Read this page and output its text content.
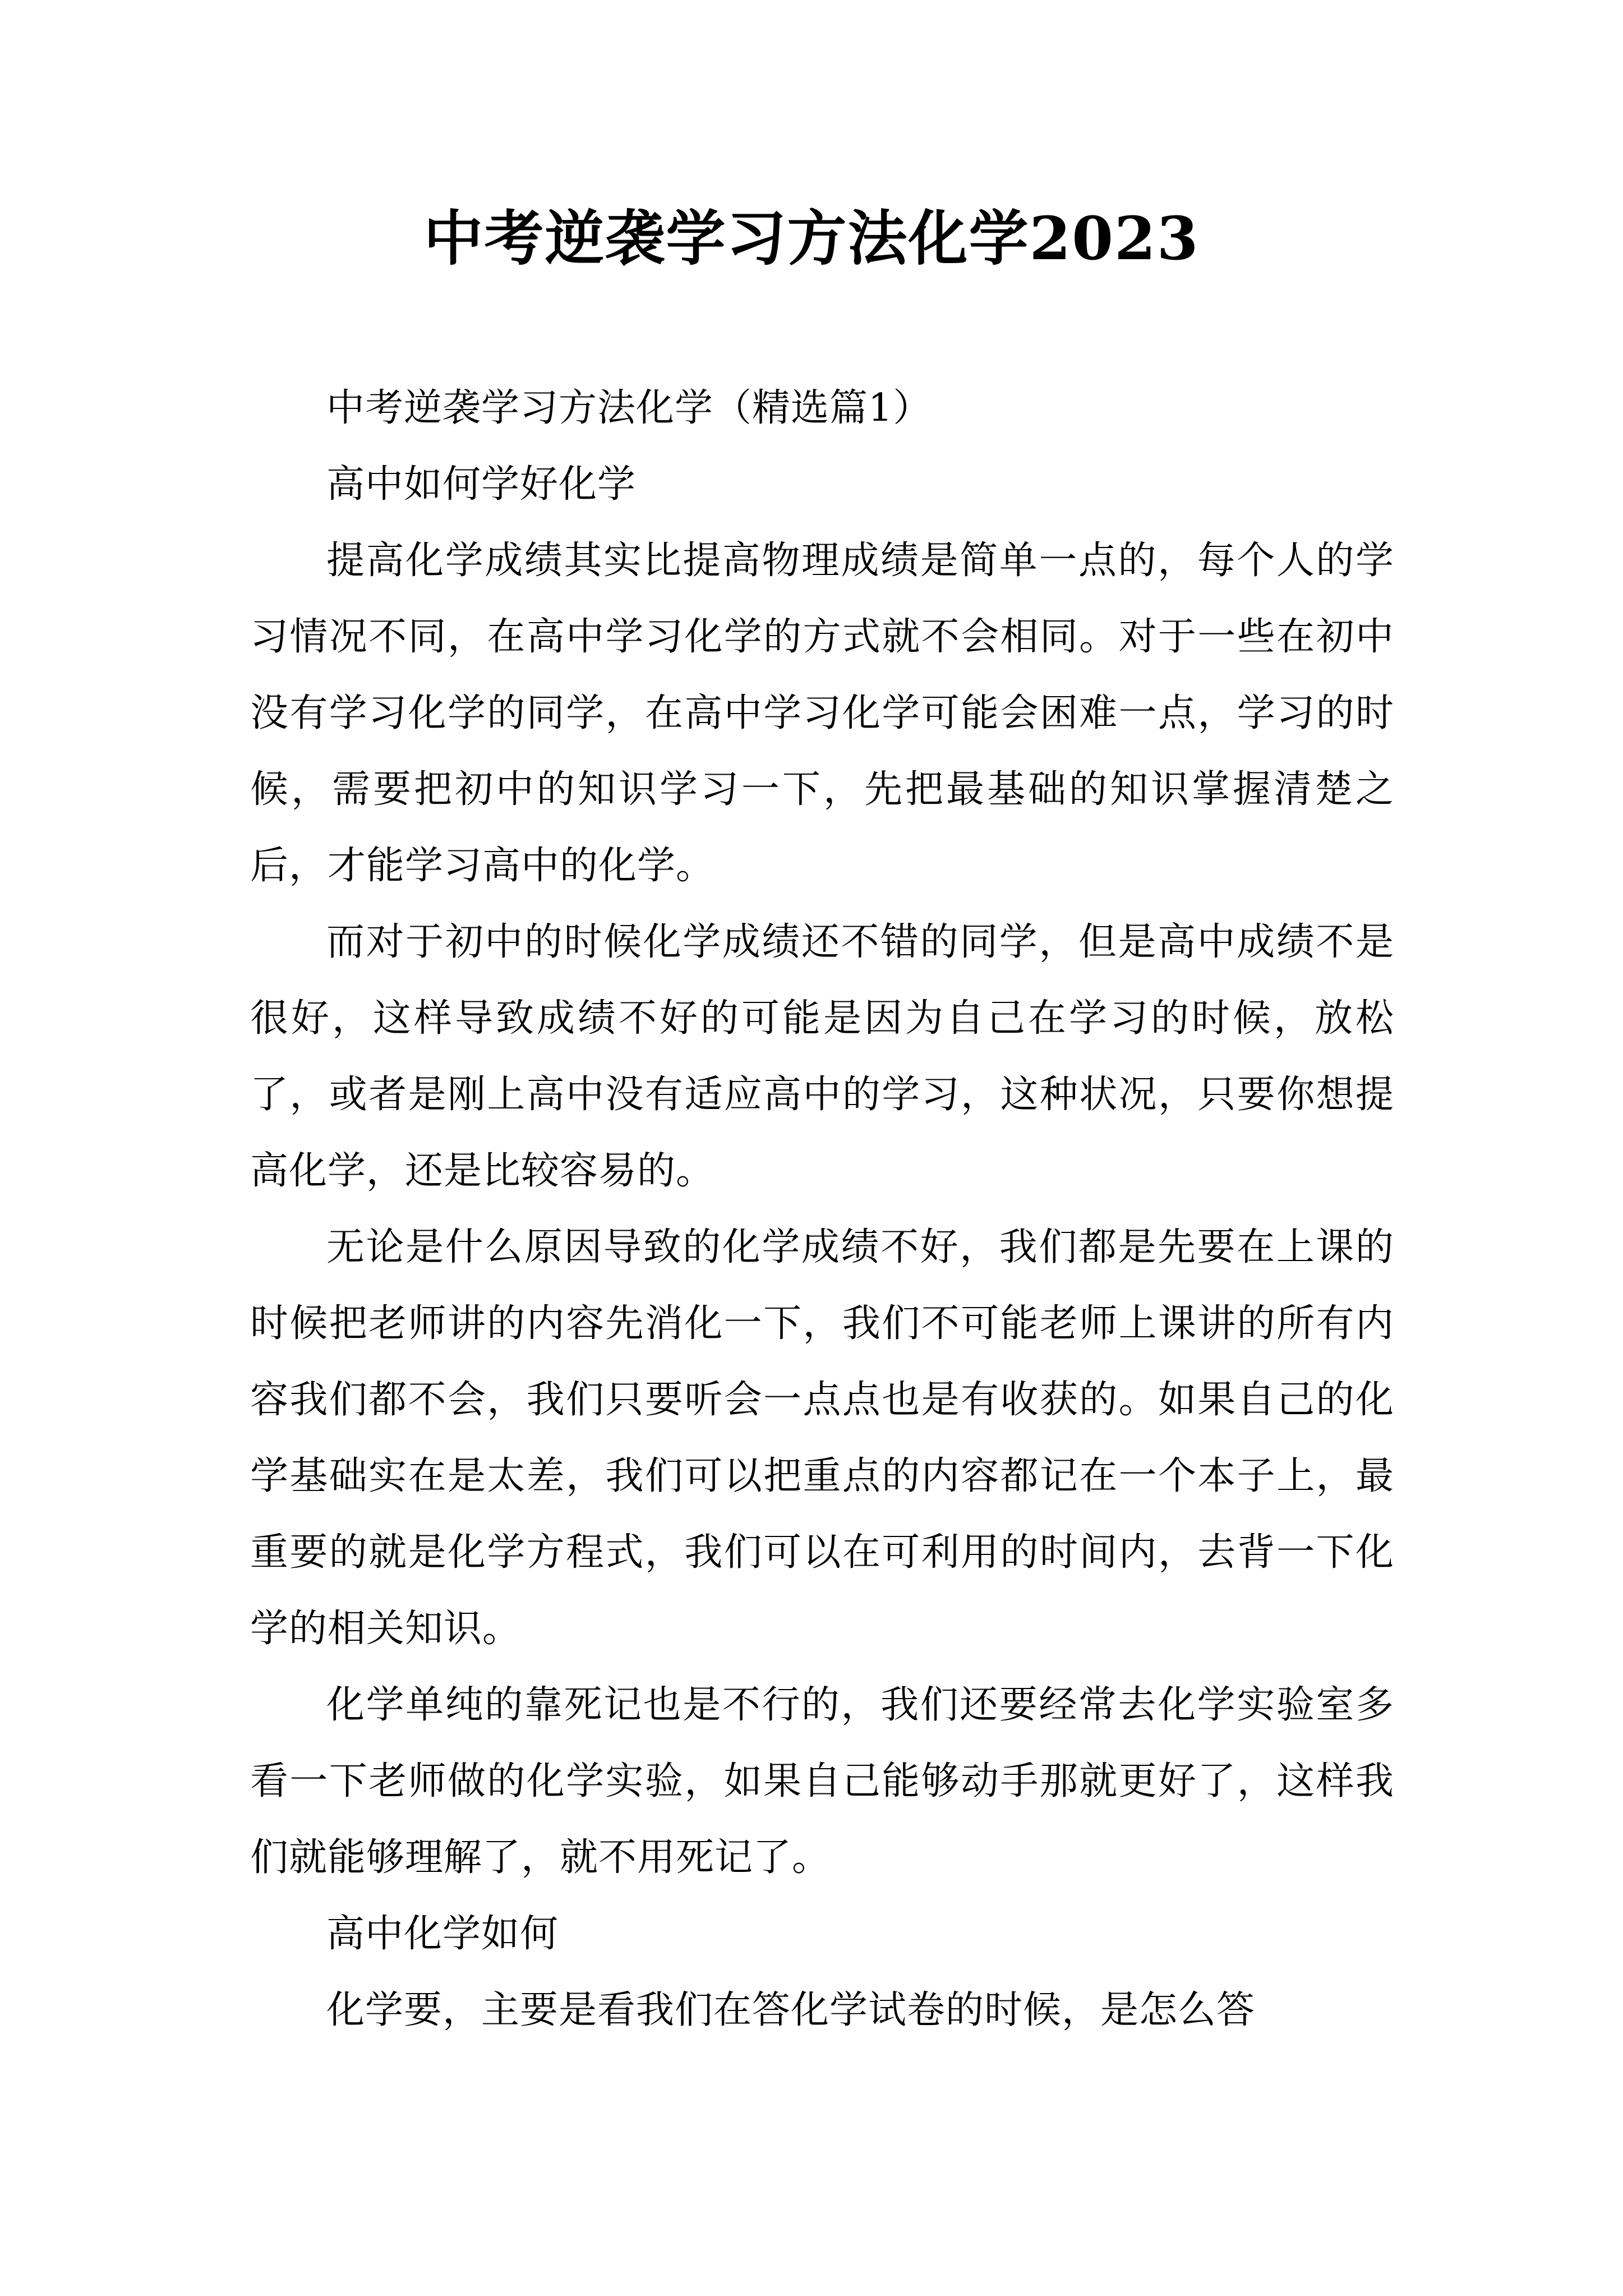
中考逆袭学习方法化学2023

中考逆袭学习方法化学（精选篇1）

高中如何学好化学

提高化学成绩其实比提高物理成绩是简单一点的，每个人的学习情况不同，在高中学习化学的方式就不会相同。对于一些在初中没有学习化学的同学，在高中学习化学可能会困难一点，学习的时候，需要把初中的知识学习一下，先把最基础的知识掌握清楚之后，才能学习高中的化学。

而对于初中的时候化学成绩还不错的同学，但是高中成绩不是很好，这样导致成绩不好的可能是因为自己在学习的时候，放松了，或者是刚上高中没有适应高中的学习，这种状况，只要你想提高化学，还是比较容易的。

无论是什么原因导致的化学成绩不好，我们都是先要在上课的时候把老师讲的内容先消化一下，我们不可能老师上课讲的所有内容我们都不会，我们只要听会一点点也是有收获的。如果自己的化学基础实在是太差，我们可以把重点的内容都记在一个本子上，最重要的就是化学方程式，我们可以在可利用的时间内，去背一下化学的相关知识。

化学单纯的靠死记也是不行的，我们还要经常去化学实验室多看一下老师做的化学实验，如果自己能够动手那就更好了，这样我们就能够理解了，就不用死记了。

高中化学如何

化学要，主要是看我们在答化学试卷的时候，是怎么答
